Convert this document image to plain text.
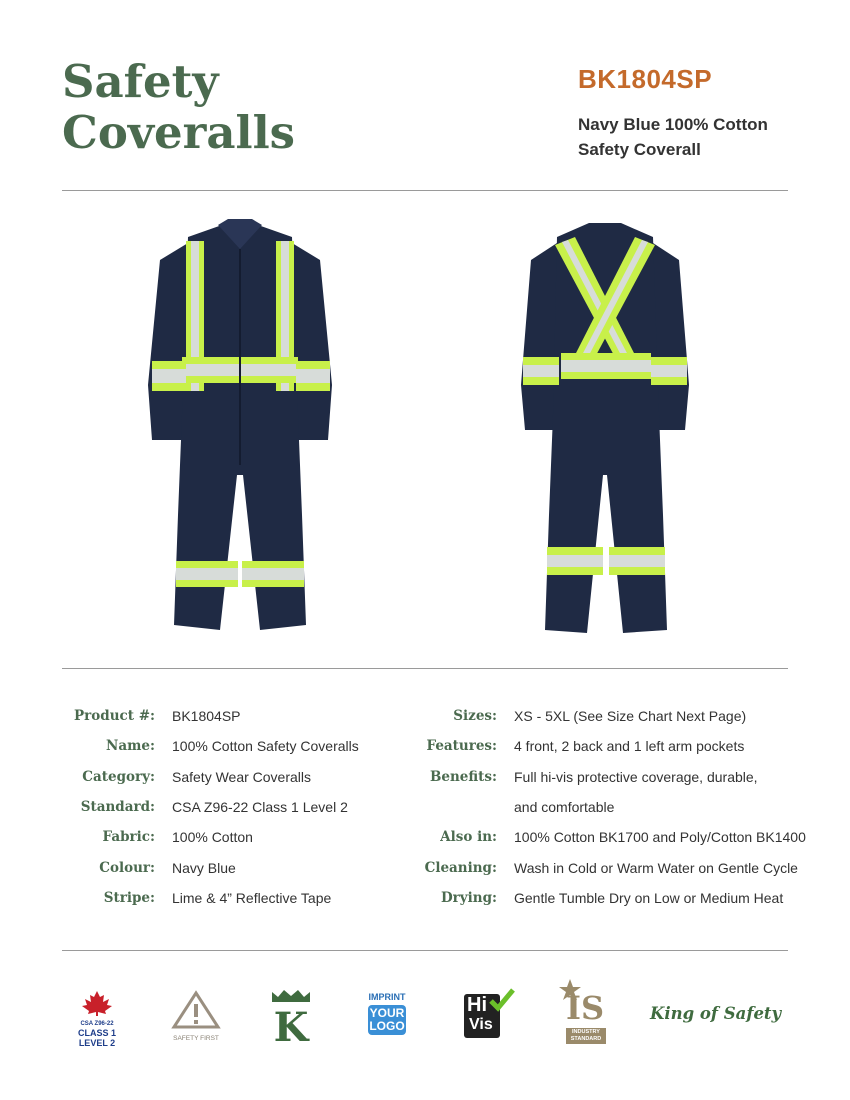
Safety
Coveralls
BK1804SP
Navy Blue 100% Cotton
Safety Coverall
Product #: BK1804SP
Name: 100% Cotton Safety Coveralls
Category: Safety Wear Coveralls
Standard: CSA Z96-22 Class 1 Level 2
Fabric: 100% Cotton
Colour: Navy Blue
Stripe: Lime & 4” Reflective Tape
Sizes: XS - 5XL (See Size Chart Next Page)
Features: 4 front, 2 back and 1 left arm pockets
Benefits: Full hi-vis protective coverage, durable,
and comfortable
Also in: 100% Cotton BK1700 and Poly/Cotton BK1400
Cleaning: Wash in Cold or Warm Water on Gentle Cycle
Drying: Gentle Tumble Dry on Low or Medium Heat
CSA Z96-22
CLASS 1
LEVEL 2	SAFETY FIRST K
IMPRINT
YOUR
LOGO
Hi
Vis IS
INDUSTRY
STANDARD
King of Safety
